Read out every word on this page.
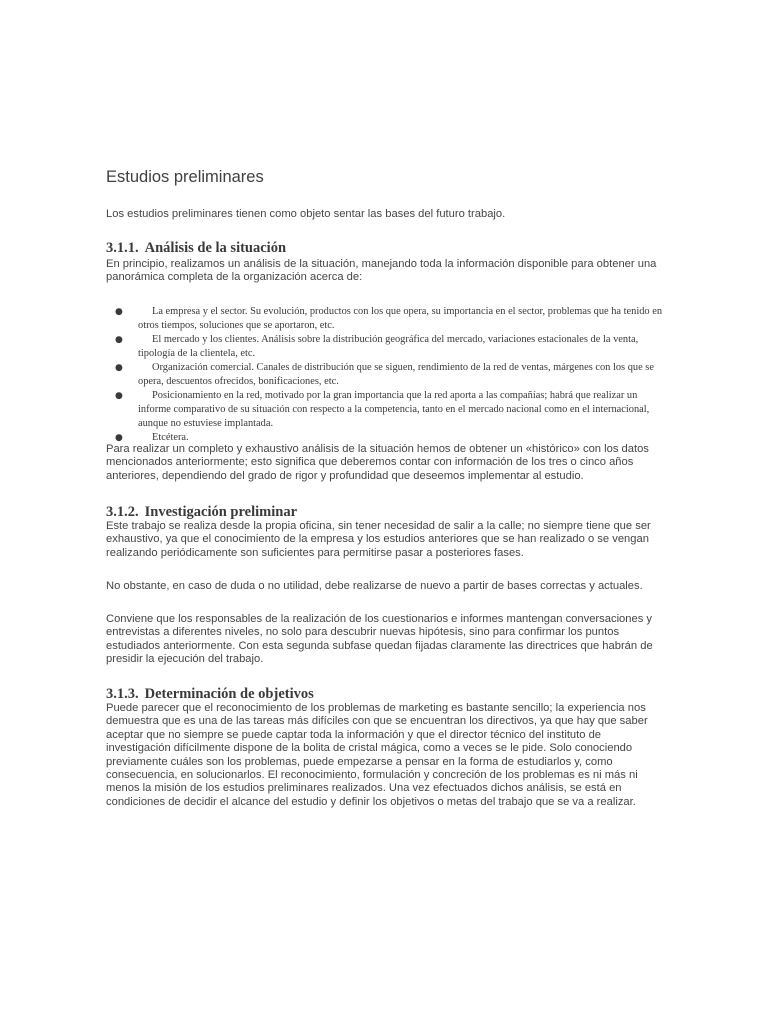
Estudios preliminares

Los estudios preliminares tienen como objeto sentar las bases del futuro trabajo.

3.1.1. Análisis de la situación

En principio, realizamos un análisis de la situación, manejando toda la información disponible para obtener una panorámica completa de la organización acerca de:

●	La empresa y el sector. Su evolución, productos con los que opera, su importancia en el sector, problemas que ha tenido en otros tiempos, soluciones que se aportaron, etc.
●	El mercado y los clientes. Análisis sobre la distribución geográfica del mercado, variaciones estacionales de la venta, tipología de la clientela, etc.
●	Organización comercial. Canales de distribución que se siguen, rendimiento de la red de ventas, márgenes con los que se opera, descuentos ofrecidos, bonificaciones, etc.
●	Posicionamiento en la red, motivado por la gran importancia que la red aporta a las compañías; habrá que realizar un informe comparativo de su situación con respecto a la competencia, tanto en el mercado nacional como en el internacional, aunque no estuviese implantada.
●	Etcétera.

Para realizar un completo y exhaustivo análisis de la situación hemos de obtener un «histórico» con los datos mencionados anteriormente; esto significa que deberemos contar con información de los tres o cinco años anteriores, dependiendo del grado de rigor y profundidad que deseemos implementar al estudio.

3.1.2. Investigación preliminar

Este trabajo se realiza desde la propia oficina, sin tener necesidad de salir a la calle; no siempre tiene que ser exhaustivo, ya que el conocimiento de la empresa y los estudios anteriores que se han realizado o se vengan realizando periódicamente son suficientes para permitirse pasar a posteriores fases.

No obstante, en caso de duda o no utilidad, debe realizarse de nuevo a partir de bases correctas y actuales.

Conviene que los responsables de la realización de los cuestionarios e informes mantengan conversaciones y entrevistas a diferentes niveles, no solo para descubrir nuevas hipótesis, sino para confirmar los puntos estudiados anteriormente. Con esta segunda subfase quedan fijadas claramente las directrices que habrán de presidir la ejecución del trabajo.

3.1.3. Determinación de objetivos

Puede parecer que el reconocimiento de los problemas de marketing es bastante sencillo; la experiencia nos demuestra que es una de las tareas más difíciles con que se encuentran los directivos, ya que hay que saber aceptar que no siempre se puede captar toda la información y que el director técnico del instituto de investigación difícilmente dispone de la bolita de cristal mágica, como a veces se le pide. Solo conociendo previamente cuáles son los problemas, puede empezarse a pensar en la forma de estudiarlos y, como consecuencia, en solucionarlos. El reconocimiento, formulación y concreción de los problemas es ni más ni menos la misión de los estudios preliminares realizados. Una vez efectuados dichos análisis, se está en condiciones de decidir el alcance del estudio y definir los objetivos o metas del trabajo que se va a realizar.
